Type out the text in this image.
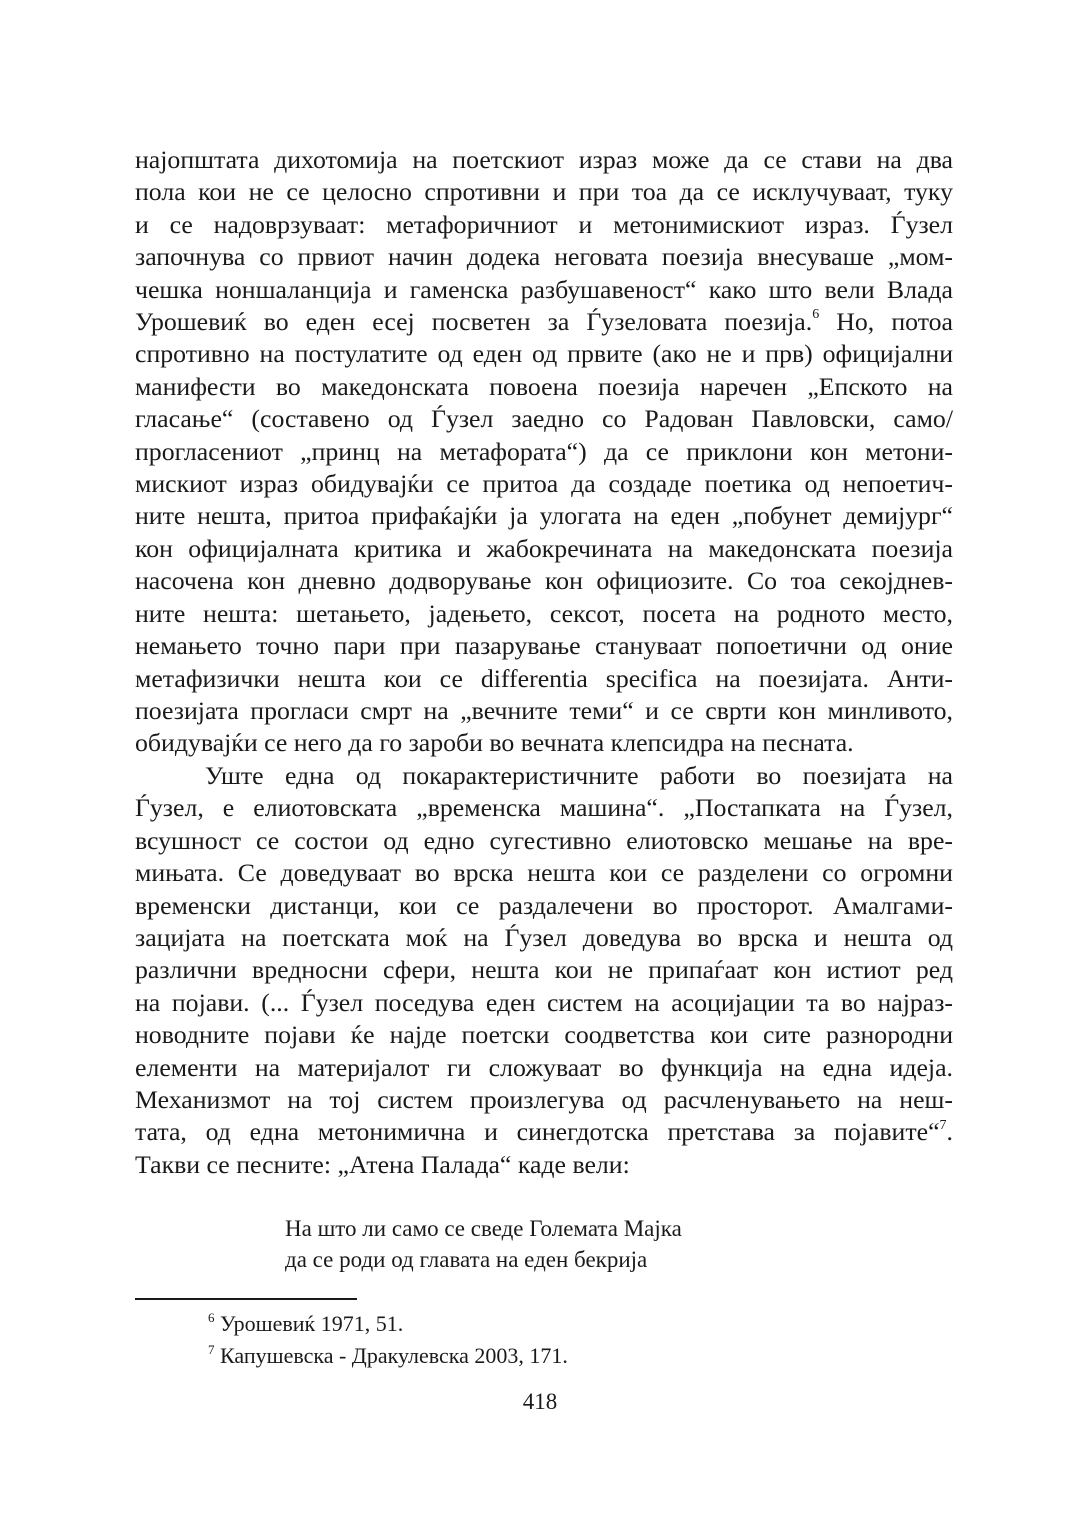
најопштата дихотомија на поетскиот израз може да се стави на два
пола кои не се целосно спротивни и при тоа да се исклучуваат, туку
и се надоврзуваат: метафоричниот и метонимискиот израз. Ѓузел
започнува со првиот начин додека неговата поезија внесуваше „мом-
чешка ноншаланција и гаменска разбушавеност“ како што вели Влада
Урошевиќ во еден есеј посветен за Ѓузеловата поезија.$^6$ Но, потоа
спротивно на постулатите од еден од првите (ако не и прв) официјални
манифести во македонската повоена поезија наречен „Епското на
гласање“ (составено од Ѓузел заедно со Радован Павловски, само/
прогласениот „принц на метафората“) да се приклони кон метони-
мискиот израз обидувајќи се притоа да создаде поетика од непоетич-
ните нешта, притоа прифаќајќи ја улогата на еден „побунет демијург“
кон официјалната критика и жабокречината на македонската поезија
насочена кон дневно додворување кон официозите. Со тоа секојднев-
ните нешта: шетањето, јадењето, сексот, посета на родното место,
немањето точно пари при пазарување стануваат попоетични од оние
метафизички нешта кои се differentia specifica на поезијата. Анти-
поезијата прогласи смрт на „вечните теми“ и се сврти кон минливото,
обидувајќи се него да го зароби во вечната клепсидра на песната.
Уште една од покарактеристичните работи во поезијата на
Ѓузел, е елиотовската „временска машина“. „Постапката на Ѓузел,
всушност се состои од едно сугестивно елиотовско мешање на вре-
мињата. Се доведуваат во врска нешта кои се разделени со огромни
временски дистанци, кои се раздалечени во просторот. Амалгами-
зацијата на поетската моќ на Ѓузел доведува во врска и нешта од
различни вредносни сфери, нешта кои не припаѓаат кон истиот ред
на појави. (... Ѓузел поседува еден систем на асоцијации та во најраз-
новодните појави ќе најде поетски соодветства кои сите разнородни
елементи на материјалот ги сложуваат во функција на една идеја.
Механизмот на тој систем произлегува од расчленувањето на неш-
тата, од една метонимична и синегдотска претстава за појавите“$^7$.
Такви се песните: „Атена Палада“ каде вели:
На што ли само се сведе Големата Мајка
да се роди од главата на еден бекрија
$^6$ Урошевиќ 1971, 51.
$^7$ Капушевска - Дракулевска 2003, 171.
418
